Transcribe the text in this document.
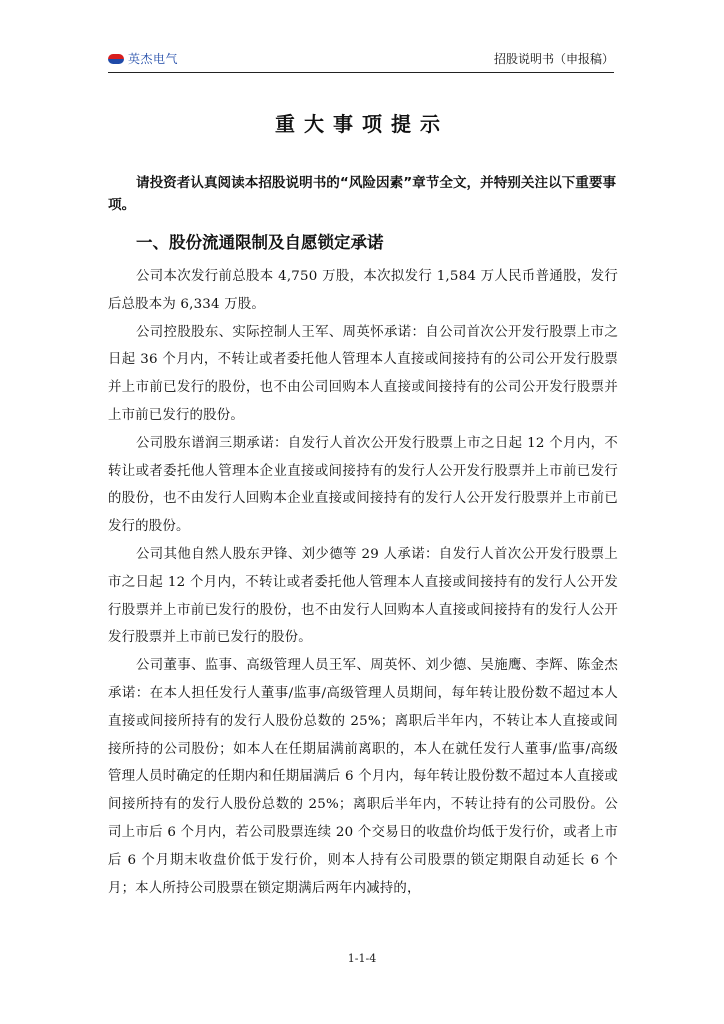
英杰电气	招股说明书（申报稿）
重大事项提示
请投资者认真阅读本招股说明书的“风险因素”章节全文，并特别关注以下重要事项。
一、股份流通限制及自愿锁定承诺

公司本次发行前总股本 4,750 万股，本次拟发行 1,584 万人民币普通股，发行后总股本为 6,334 万股。

公司控股股东、实际控制人王军、周英怀承诺：自公司首次公开发行股票上市之日起 36 个月内，不转让或者委托他人管理本人直接或间接持有的公司公开发行股票并上市前已发行的股份，也不由公司回购本人直接或间接持有的公司公开发行股票并上市前已发行的股份。

公司股东谱润三期承诺：自发行人首次公开发行股票上市之日起 12 个月内，不转让或者委托他人管理本企业直接或间接持有的发行人公开发行股票并上市前已发行的股份，也不由发行人回购本企业直接或间接持有的发行人公开发行股票并上市前已发行的股份。

公司其他自然人股东尹锋、刘少德等 29 人承诺：自发行人首次公开发行股票上市之日起 12 个月内，不转让或者委托他人管理本人直接或间接持有的发行人公开发行股票并上市前已发行的股份，也不由发行人回购本人直接或间接持有的发行人公开发行股票并上市前已发行的股份。

公司董事、监事、高级管理人员王军、周英怀、刘少德、吴施鹰、李辉、陈金杰承诺：在本人担任发行人董事/监事/高级管理人员期间，每年转让股份数不超过本人直接或间接所持有的发行人股份总数的 25%；离职后半年内，不转让本人直接或间接所持的公司股份；如本人在任期届满前离职的，本人在就任发行人董事/监事/高级管理人员时确定的任期内和任期届满后 6 个月内，每年转让股份数不超过本人直接或间接所持有的发行人股份总数的 25%；离职后半年内，不转让持有的公司股份。公司上市后 6 个月内，若公司股票连续 20 个交易日的收盘价均低于发行价，或者上市后 6 个月期末收盘价低于发行价，则本人持有公司股票的锁定期限自动延长 6 个月；本人所持公司股票在锁定期满后两年内减持的，

1-1-4
